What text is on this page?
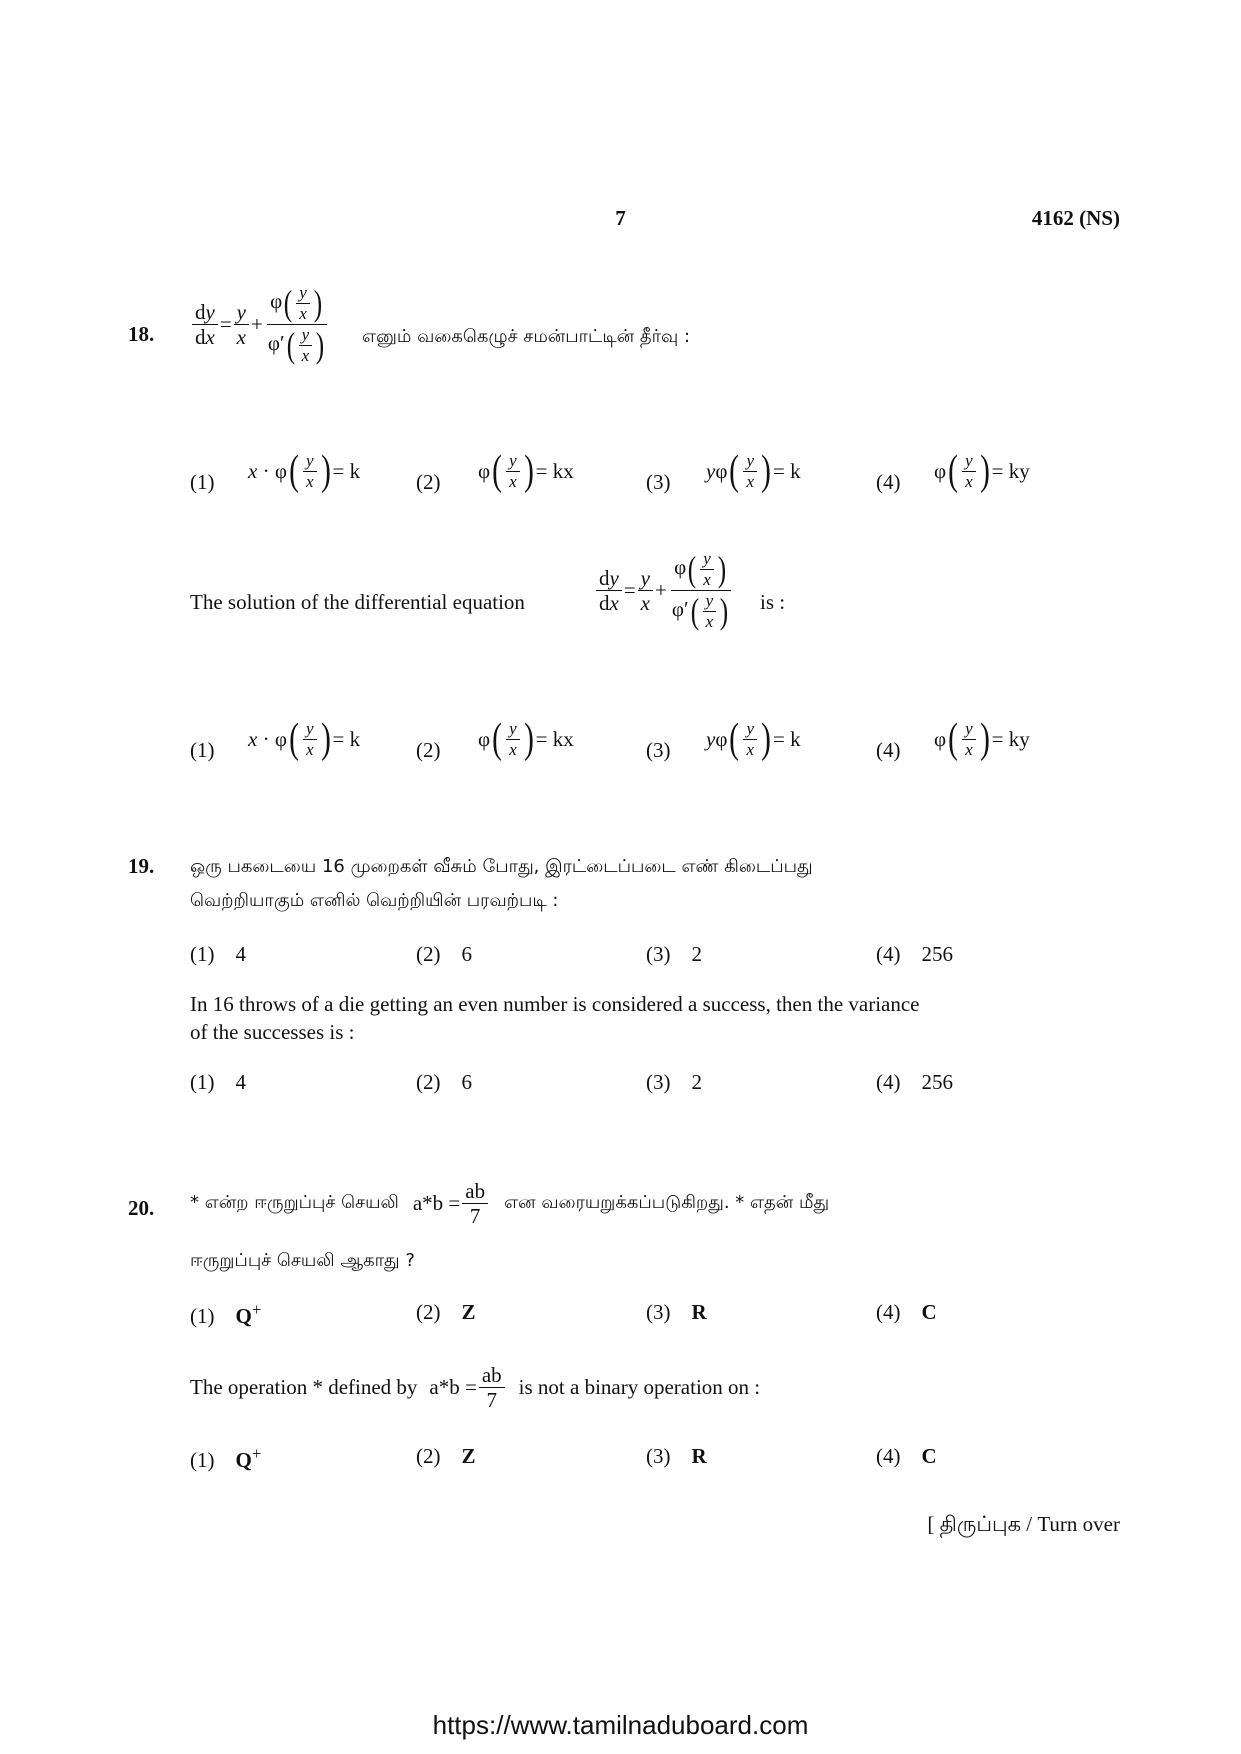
7	4162 (NS)
18. $\frac{dy}{dx} = \frac{y}{x} + \frac{\varphi ( \frac{y}{x} )}{\varphi' ( \frac{y}{x} )}$ எனும் வகைகெழுச் சமன்பாட்டின் தீர்வு :
(1) x · φ ( $\frac{y}{x}$ ) = k	(2) φ ( $\frac{y}{x}$ ) = kx	(3) y φ ( $\frac{y}{x}$ ) = k	(4) φ ( $\frac{y}{x}$ ) = ky
The solution of the differential equation	$\frac{dy}{dx} = \frac{y}{x} + \frac{\varphi ( \frac{y}{x} )}{\varphi' ( \frac{y}{x} )}$ is :
(1) x · φ ( $\frac{y}{x}$ ) = k	(2) φ ( $\frac{y}{x}$ ) = kx	(3) y φ ( $\frac{y}{x}$ ) = k	(4) φ ( $\frac{y}{x}$ ) = ky
19. ஒரு பகடையை 16 முறைகள் வீசும் போது, இரட்டைப்படை எண் கிடைப்பது
வெற்றியாகும் எனில் வெற்றியின் பரவற்படி :
(1) 4	(2) 6	(3) 2	(4) 256
In 16 throws of a die getting an even number is considered a success, then the variance
of the successes is :
(1) 4	(2) 6	(3) 2	(4) 256
20. * என்ற ஈருறுப்புச் செயலி $a*b = \frac{ab}{7}$ என வரையறுக்கப்படுகிறது. * எதன் மீது
ஈருறுப்புச் செயலி ஆகாது ?
(1) Q+	(2) Z	(3) R	(4) C
The operation * defined by $a*b = \frac{ab}{7}$ is not a binary operation on :
(1) Q+	(2) Z	(3) R	(4) C
[ திருப்புக / Turn over
https://www.tamilnaduboard.com
